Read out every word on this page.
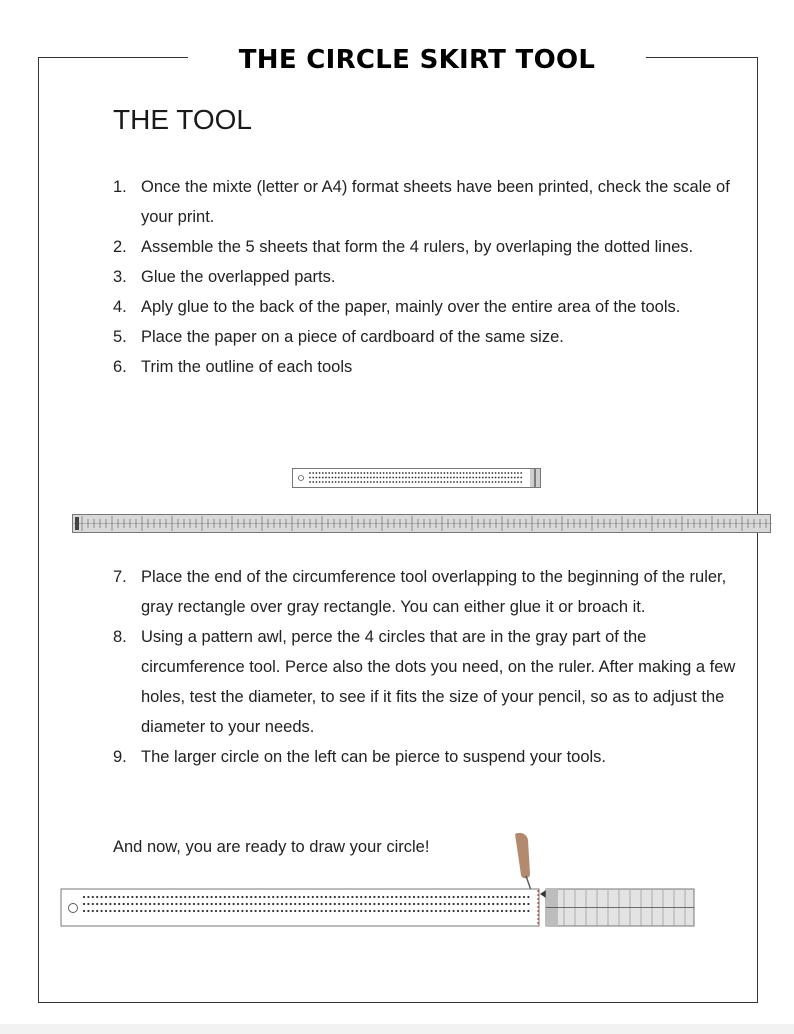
THE CIRCLE SKIRT TOOL
THE TOOL
1. Once the mixte (letter or A4) format sheets have been printed, check the scale of your print.
2. Assemble the 5 sheets that form the 4 rulers, by overlaping the dotted lines.
3. Glue the overlapped parts.
4. Aply glue to the back of the paper, mainly over the entire area of the tools.
5. Place the paper on a piece of cardboard of the same size.
6. Trim the outline of each tools
7. Place the end of the circumference tool overlapping to the beginning of the ruler, gray rectangle over gray rectangle. You can either glue it or broach it.
8. Using a pattern awl, perce the 4 circles that are in the gray part of the circumference tool. Perce also the dots you need, on the ruler. After making a few holes, test the diameter, to see if it fits the size of your pencil, so as to adjust the diameter to your needs.
9. The larger circle on the left can be pierce to suspend your tools.

And now, you are ready to draw your circle!
